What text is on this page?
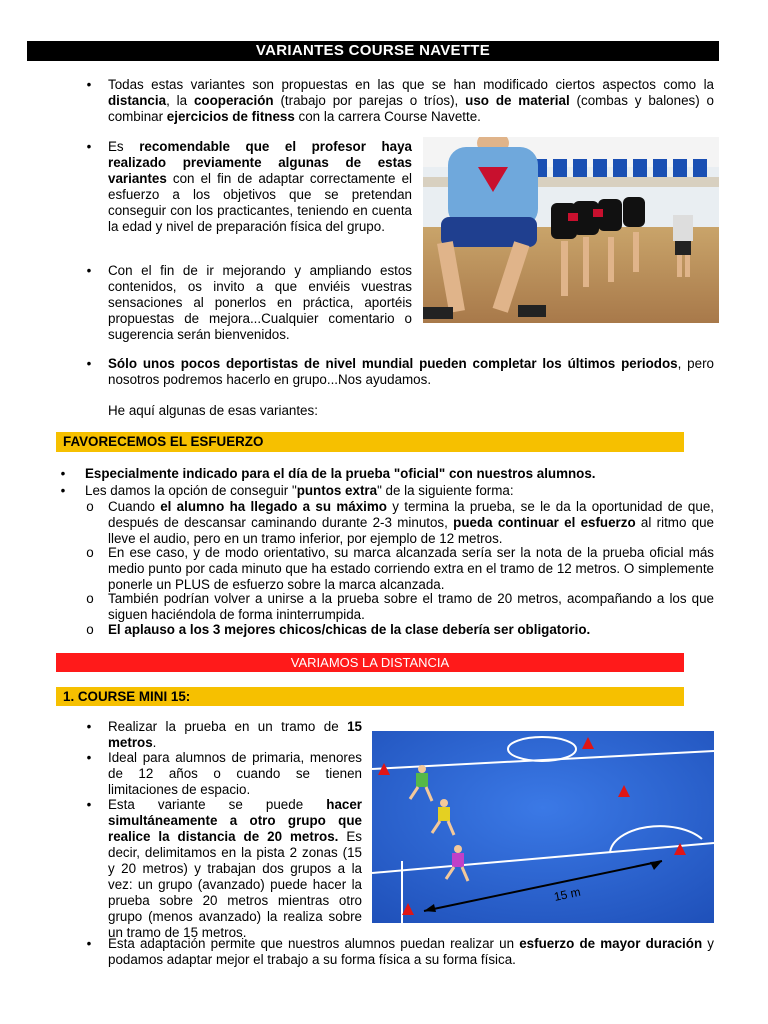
VARIANTES COURSE NAVETTE
• Todas estas variantes son propuestas en las que se han modificado ciertos aspectos como la distancia, la cooperación (trabajo por parejas o tríos), uso de material (combas y balones) o combinar ejercicios de fitness con la carrera Course Navette.

• Es recomendable que el profesor haya realizado previamente algunas de estas variantes con el fin de adaptar correctamente el esfuerzo a los objetivos que se pretendan conseguir con los practicantes, teniendo en cuenta la edad y nivel de preparación física del grupo.

• Con el fin de ir mejorando y ampliando estos contenidos, os invito a que enviéis vuestras sensaciones al ponerlos en práctica, aportéis propuestas de mejora...Cualquier comentario o sugerencia serán bienvenidos.

• Sólo unos pocos deportistas de nivel mundial pueden completar los últimos periodos, pero nosotros podremos hacerlo en grupo...Nos ayudamos.

He aquí algunas de esas variantes:

FAVORECEMOS EL ESFUERZO
• Especialmente indicado para el día de la prueba "oficial" con nuestros alumnos.

• Les damos la opción de conseguir "puntos extra" de la siguiente forma:

o Cuando el alumno ha llegado a su máximo y termina la prueba, se le da la oportunidad de que, después de descansar caminando durante 2-3 minutos, pueda continuar el esfuerzo al ritmo que lleve el audio, pero en un tramo inferior, por ejemplo de 12 metros.

o En ese caso, y de modo orientativo, su marca alcanzada sería ser la nota de la prueba oficial más medio punto por cada minuto que ha estado corriendo extra en el tramo de 12 metros. O simplemente ponerle un PLUS de esfuerzo sobre la marca alcanzada.

o También podrían volver a unirse a la prueba sobre el tramo de 20 metros, acompañando a los que siguen haciéndola de forma ininterrumpida.

o El aplauso a los 3 mejores chicos/chicas de la clase debería ser obligatorio.

VARIAMOS LA DISTANCIA
1. COURSE MINI 15:
• Realizar la prueba en un tramo de 15 metros.

• Ideal para alumnos de primaria, menores de 12 años o cuando se tienen limitaciones de espacio.

• Esta variante se puede hacer simultáneamente a otro grupo que realice la distancia de 20 metros. Es decir, delimitamos en la pista 2 zonas (15 y 20 metros) y trabajan dos grupos a la vez: un grupo (avanzado) puede hacer la prueba sobre 20 metros mientras otro grupo (menos avanzado) la realiza sobre un tramo de 15 metros.

15 m
• Esta adaptación permite que nuestros alumnos puedan realizar un esfuerzo de mayor duración y podamos adaptar mejor el trabajo a su forma física a su forma física.
